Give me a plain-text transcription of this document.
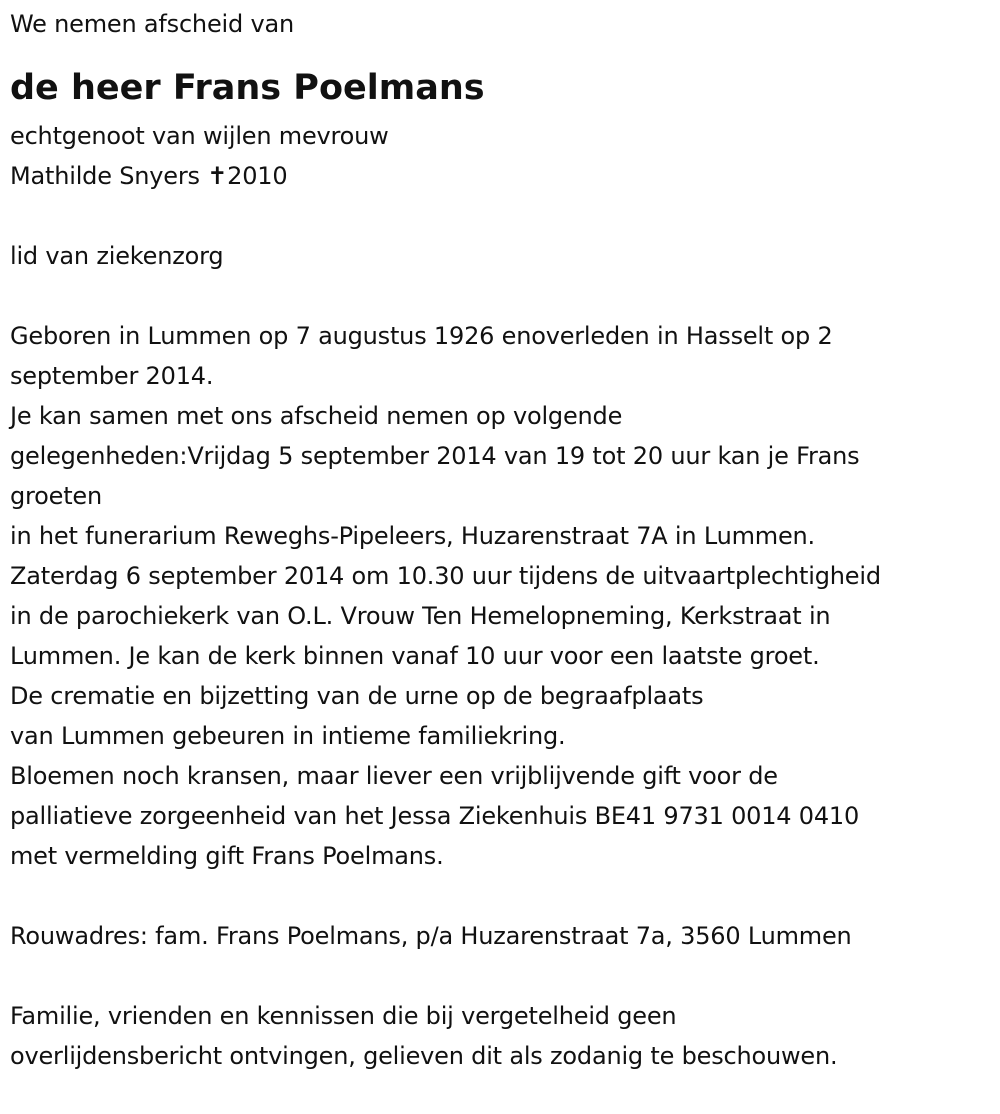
We nemen afscheid van
de heer Frans Poelmans
echtgenoot van wijlen mevrouw
Mathilde Snyers ✝2010
lid van ziekenzorg
Geboren in Lummen op 7 augustus 1926 enoverleden in Hasselt op 2
september 2014.
Je kan samen met ons afscheid nemen op volgende
gelegenheden:Vrijdag 5 september 2014 van 19 tot 20 uur kan je Frans
groeten
in het funerarium Reweghs-Pipeleers, Huzarenstraat 7A in Lummen.
Zaterdag 6 september 2014 om 10.30 uur tijdens de uitvaartplechtigheid
in de parochiekerk van O.L. Vrouw Ten Hemelopneming, Kerkstraat in
Lummen. Je kan de kerk binnen vanaf 10 uur voor een laatste groet.
De crematie en bijzetting van de urne op de begraafplaats
van Lummen gebeuren in intieme familiekring.
Bloemen noch kransen, maar liever een vrijblijvende gift voor de
palliatieve zorgeenheid van het Jessa Ziekenhuis BE41 9731 0014 0410
met vermelding gift Frans Poelmans.
Rouwadres: fam. Frans Poelmans, p/a Huzarenstraat 7a, 3560 Lummen
Familie, vrienden en kennissen die bij vergetelheid geen
overlijdensbericht ontvingen, gelieven dit als zodanig te beschouwen.
